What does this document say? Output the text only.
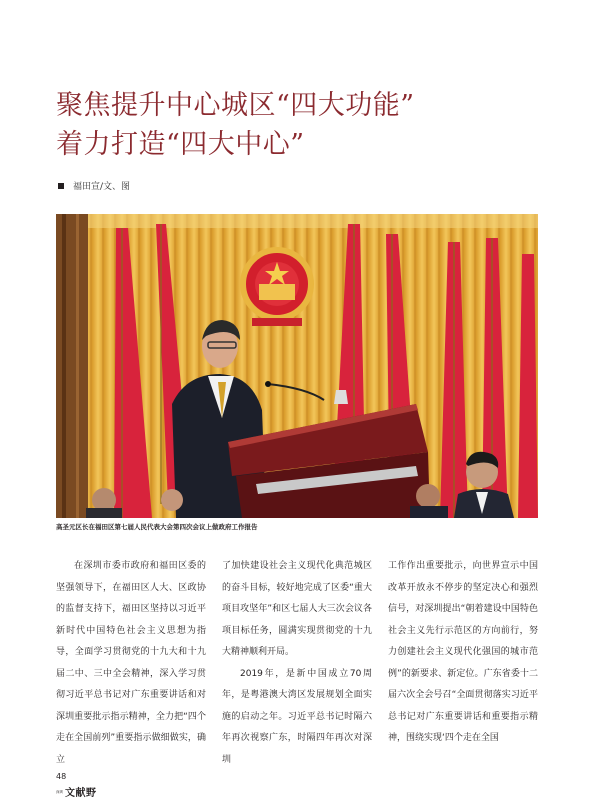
聚焦提升中心城区“四大功能”
着力打造“四大中心”
福田宣/文、图
高圣元区长在福田区第七届人民代表大会第四次会议上做政府工作报告

在深圳市委市政府和福田区委的坚强领导下，在福田区人大、区政协的监督支持下，福田区坚持以习近平新时代中国特色社会主义思想为指导，全面学习贯彻党的十九大和十九届二中、三中全会精神，深入学习贯彻习近平总书记对广东重要讲话和对深圳重要批示指示精神，全力把“四个走在全国前列”重要指示做细做实，确立

了加快建设社会主义现代化典范城区的奋斗目标，较好地完成了区委“重大项目攻坚年”和区七届人大三次会议各项目标任务，圆满实现贯彻党的十九大精神顺利开局。

2019年，是新中国成立70周年，是粤港澳大湾区发展规划全面实施的启动之年。习近平总书记时隔六年再次视察广东，时隔四年再次对深圳

工作作出重要批示，向世界宣示中国改革开放永不停步的坚定决心和强烈信号，对深圳提出“朝着建设中国特色社会主义先行示范区的方向前行，努力创建社会主义现代化强国的城市范例”的新要求、新定位。广东省委十二届六次全会号召“全面贯彻落实习近平总书记对广东重要讲话和重要指示精神，围绕实现‘四个走在全国

48
深圳 文献野
